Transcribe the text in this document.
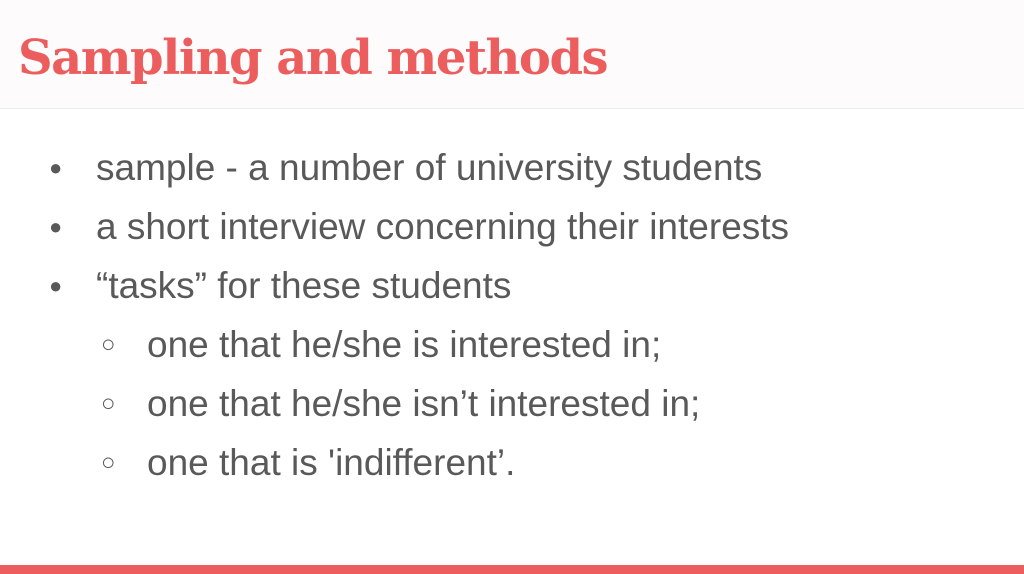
Sampling and methods
● sample - a number of university students
● a short interview concerning their interests
● “tasks” for these students
○ one that he/she is interested in;
○ one that he/she isn’t interested in;
○ one that is 'indifferent’.
